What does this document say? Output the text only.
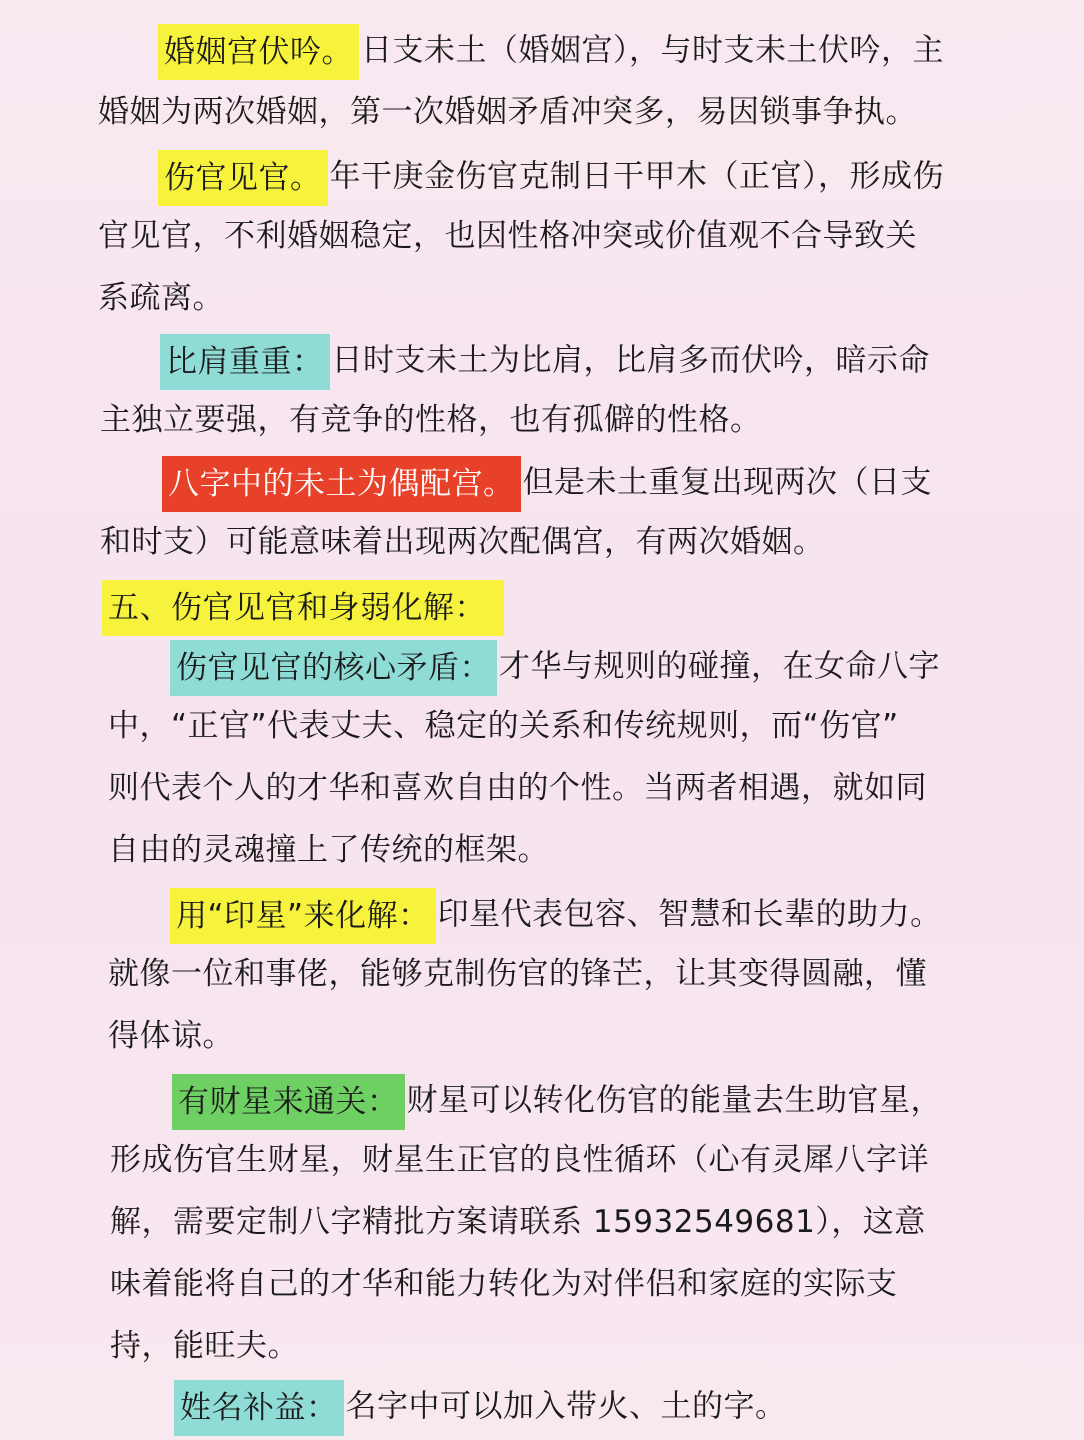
婚姻宫伏吟。 日支未土（婚姻宫），与时支未土伏吟，主
婚姻为两次婚姻，第一次婚姻矛盾冲突多，易因锁事争执。
伤官见官。 年干庚金伤官克制日干甲木（正官），形成伤
官见官，不利婚姻稳定，也因性格冲突或价值观不合导致关
系疏离。
比肩重重： 日时支未土为比肩，比肩多而伏吟，暗示命
主独立要强，有竞争的性格，也有孤僻的性格。
八字中的未土为偶配宫。 但是未土重复出现两次（日支
和时支）可能意味着出现两次配偶宫，有两次婚姻。
五、伤官见官和身弱化解：
伤官见官的核心矛盾： 才华与规则的碰撞，在女命八字
中，“正官”代表丈夫、稳定的关系和传统规则，而“伤官”
则代表个人的才华和喜欢自由的个性。当两者相遇，就如同
自由的灵魂撞上了传统的框架。
用“印星”来化解： 印星代表包容、智慧和长辈的助力。
就像一位和事佬，能够克制伤官的锋芒，让其变得圆融，懂
得体谅。
有财星来通关： 财星可以转化伤官的能量去生助官星，
形成伤官生财星，财星生正官的良性循环（心有灵犀八字详
解，需要定制八字精批方案请联系 15932549681），这意
味着能将自己的才华和能力转化为对伴侣和家庭的实际支
持，能旺夫。
姓名补益： 名字中可以加入带火、土的字。
